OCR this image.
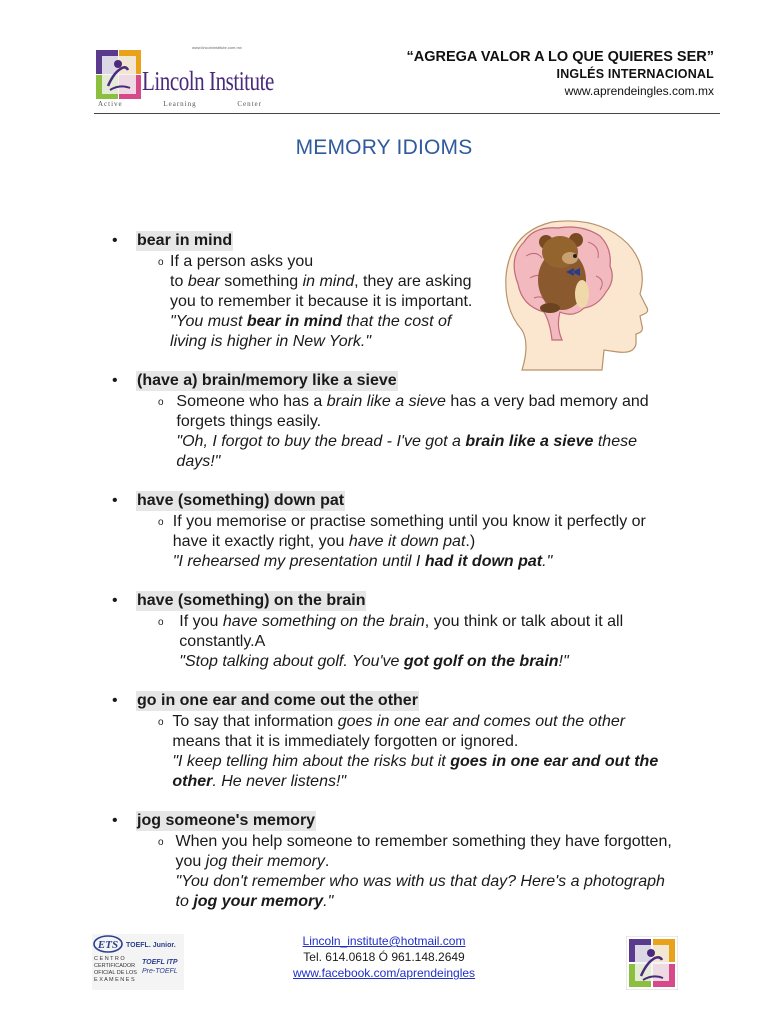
www.lincolninstitute.com.mx
Lincoln Institute
Active	Learning	Center
“AGREGA VALOR A LO QUE QUIERES SER”
INGLÉS INTERNACIONAL
www.aprendeingles.com.mx
MEMORY IDIOMS
•	bear in mind
o If a person asks you
to bear something in mind, they are asking you to remember it because it is important.
"You must bear in mind that the cost of living is higher in New York."
•	(have a) brain/memory like a sieve
o Someone who has a brain like a sieve has a very bad memory and forgets things easily.
"Oh, I forgot to buy the bread - I've got a brain like a sieve these days!"
•	have (something) down pat
o If you memorise or practise something until you know it perfectly or have it exactly right, you have it down pat.)
"I rehearsed my presentation until I had it down pat."
•	have (something) on the brain
o If you have something on the brain, you think or talk about it all constantly.A
"Stop talking about golf. You've got golf on the brain!"
•	go in one ear and come out the other
o To say that information goes in one ear and comes out the other means that it is immediately forgotten or ignored.
"I keep telling him about the risks but it goes in one ear and out the other. He never listens!"
•	jog someone's memory
o When you help someone to remember something they have forgotten, you jog their memory.
"You don't remember who was with us that day? Here's a photograph to jog your memory."
ETS TOEFL. Junior.
C E N T R O
CERTIFICADOR
OFICIAL DE LOS
E X A M E N E S
TOEFL ITP
Pre-TOEFL
Lincoln_institute@hotmail.com
Tel. 614.0618 Ó 961.148.2649
www.facebook.com/aprendeingles
